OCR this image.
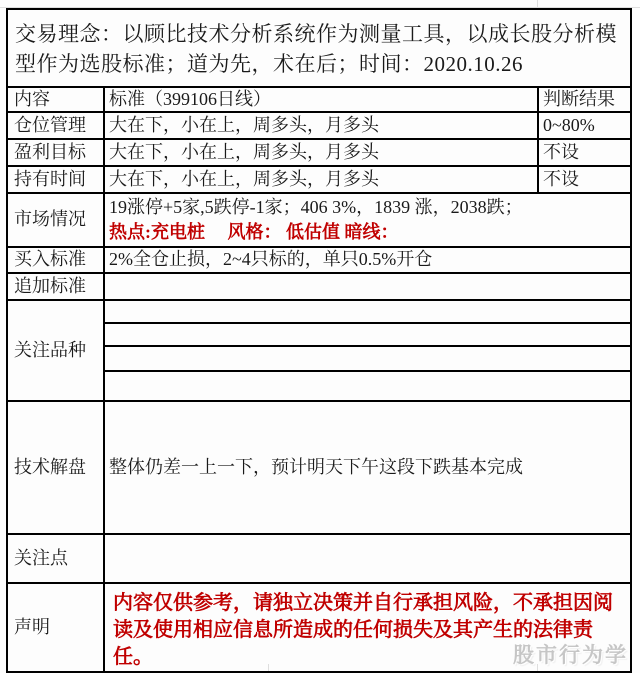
交易理念：以顾比技术分析系统作为测量工具，以成长股分析模型作为选股标准；道为先，术在后；时间：2020.10.26		
内容	标准（399106日线）	判断结果
仓位管理	大在下，小在上，周多头，月多头	0~80%
盈利目标	大在下，小在上，周多头，月多头	不设
持有时间	大在下，小在上，周多头，月多头	不设
市场情况	19涨停+5家,5跌停-1家；406 3%，1839 涨，2038跌；
热点:充电桩　 风格： 低估值 暗线：	

买入标准	2%全仓止损，2~4只标的，单只0.5%开仓	
追加标准		
关注品种		

技术解盘	整体仍差一上一下，预计明天下午这段下跌基本完成	
关注点		
声明	内容仅供参考，请独立决策并自行承担风险，不承担因阅读及使用相应信息所造成的任何损失及其产生的法律责任。		股市行为学
